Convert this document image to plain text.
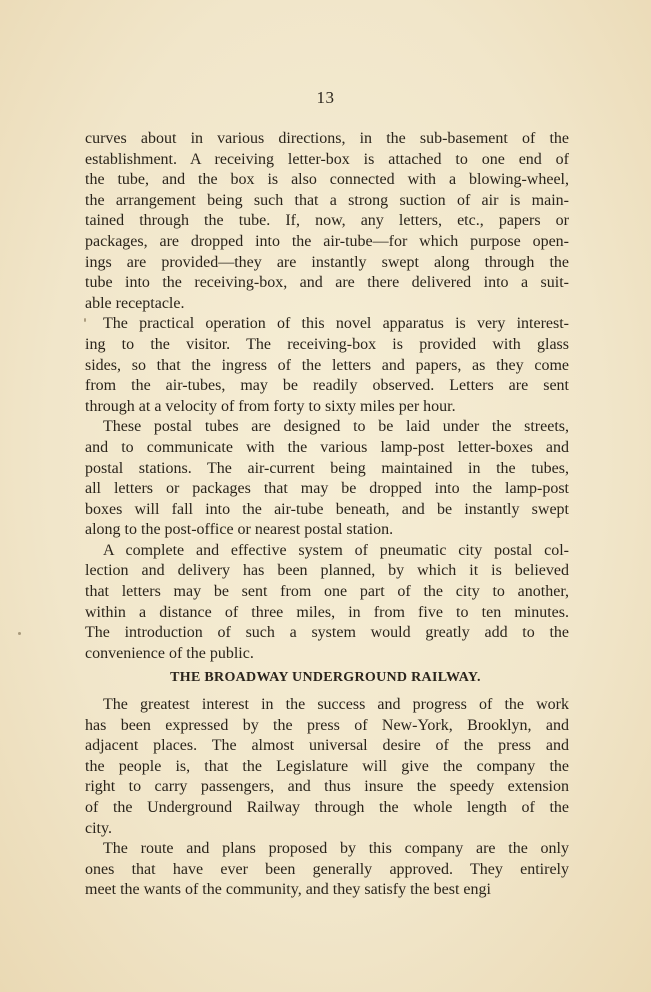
13

curves about in various directions, in the sub-basement of the
establishment. A receiving letter-box is attached to one end of
the tube, and the box is also connected with a blowing-wheel,
the arrangement being such that a strong suction of air is main-
tained through the tube. If, now, any letters, etc., papers or
packages, are dropped into the air-tube—for which purpose open-
ings are provided—they are instantly swept along through the
tube into the receiving-box, and are there delivered into a suit-
able receptacle.

The practical operation of this novel apparatus is very interest-
ing to the visitor. The receiving-box is provided with glass
sides, so that the ingress of the letters and papers, as they come
from the air-tubes, may be readily observed. Letters are sent
through at a velocity of from forty to sixty miles per hour.

These postal tubes are designed to be laid under the streets,
and to communicate with the various lamp-post letter-boxes and
postal stations. The air-current being maintained in the tubes,
all letters or packages that may be dropped into the lamp-post
boxes will fall into the air-tube beneath, and be instantly swept
along to the post-office or nearest postal station.

A complete and effective system of pneumatic city postal col-
lection and delivery has been planned, by which it is believed
that letters may be sent from one part of the city to another,
within a distance of three miles, in from five to ten minutes.
The introduction of such a system would greatly add to the
convenience of the public.

THE BROADWAY UNDERGROUND RAILWAY.

The greatest interest in the success and progress of the work
has been expressed by the press of New-York, Brooklyn, and
adjacent places. The almost universal desire of the press and
the people is, that the Legislature will give the company the
right to carry passengers, and thus insure the speedy extension
of the Underground Railway through the whole length of the
city.

The route and plans proposed by this company are the only
ones that have ever been generally approved. They entirely
meet the wants of the community, and they satisfy the best engi
